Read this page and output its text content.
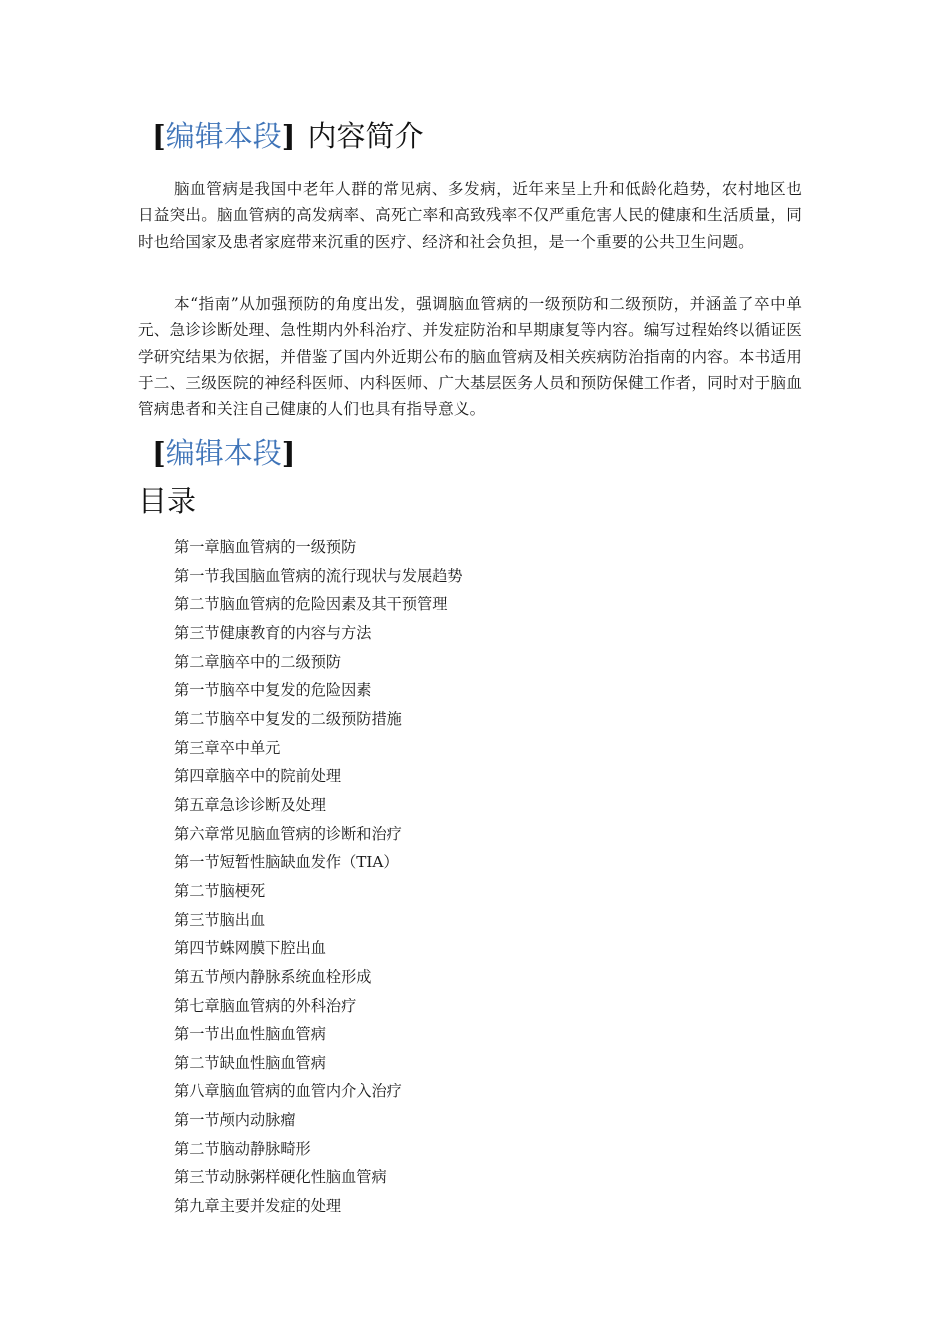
[编辑本段] 内容简介

脑血管病是我国中老年人群的常见病、多发病，近年来呈上升和低龄化趋势，农村地区也日益突出。脑血管病的高发病率、高死亡率和高致残率不仅严重危害人民的健康和生活质量，同时也给国家及患者家庭带来沉重的医疗、经济和社会负担，是一个重要的公共卫生问题。

本“指南”从加强预防的角度出发，强调脑血管病的一级预防和二级预防，并涵盖了卒中单元、急诊诊断处理、急性期内外科治疗、并发症防治和早期康复等内容。编写过程始终以循证医学研究结果为依据，并借鉴了国内外近期公布的脑血管病及相关疾病防治指南的内容。本书适用于二、三级医院的神经科医师、内科医师、广大基层医务人员和预防保健工作者，同时对于脑血管病患者和关注自己健康的人们也具有指导意义。

[编辑本段]
目录
第一章脑血管病的一级预防
第一节我国脑血管病的流行现状与发展趋势
第二节脑血管病的危险因素及其干预管理
第三节健康教育的内容与方法
第二章脑卒中的二级预防
第一节脑卒中复发的危险因素
第二节脑卒中复发的二级预防措施
第三章卒中单元
第四章脑卒中的院前处理
第五章急诊诊断及处理
第六章常见脑血管病的诊断和治疗
第一节短暂性脑缺血发作（TIA）
第二节脑梗死
第三节脑出血
第四节蛛网膜下腔出血
第五节颅内静脉系统血栓形成
第七章脑血管病的外科治疗
第一节出血性脑血管病
第二节缺血性脑血管病
第八章脑血管病的血管内介入治疗
第一节颅内动脉瘤
第二节脑动静脉畸形
第三节动脉粥样硬化性脑血管病
第九章主要并发症的处理
